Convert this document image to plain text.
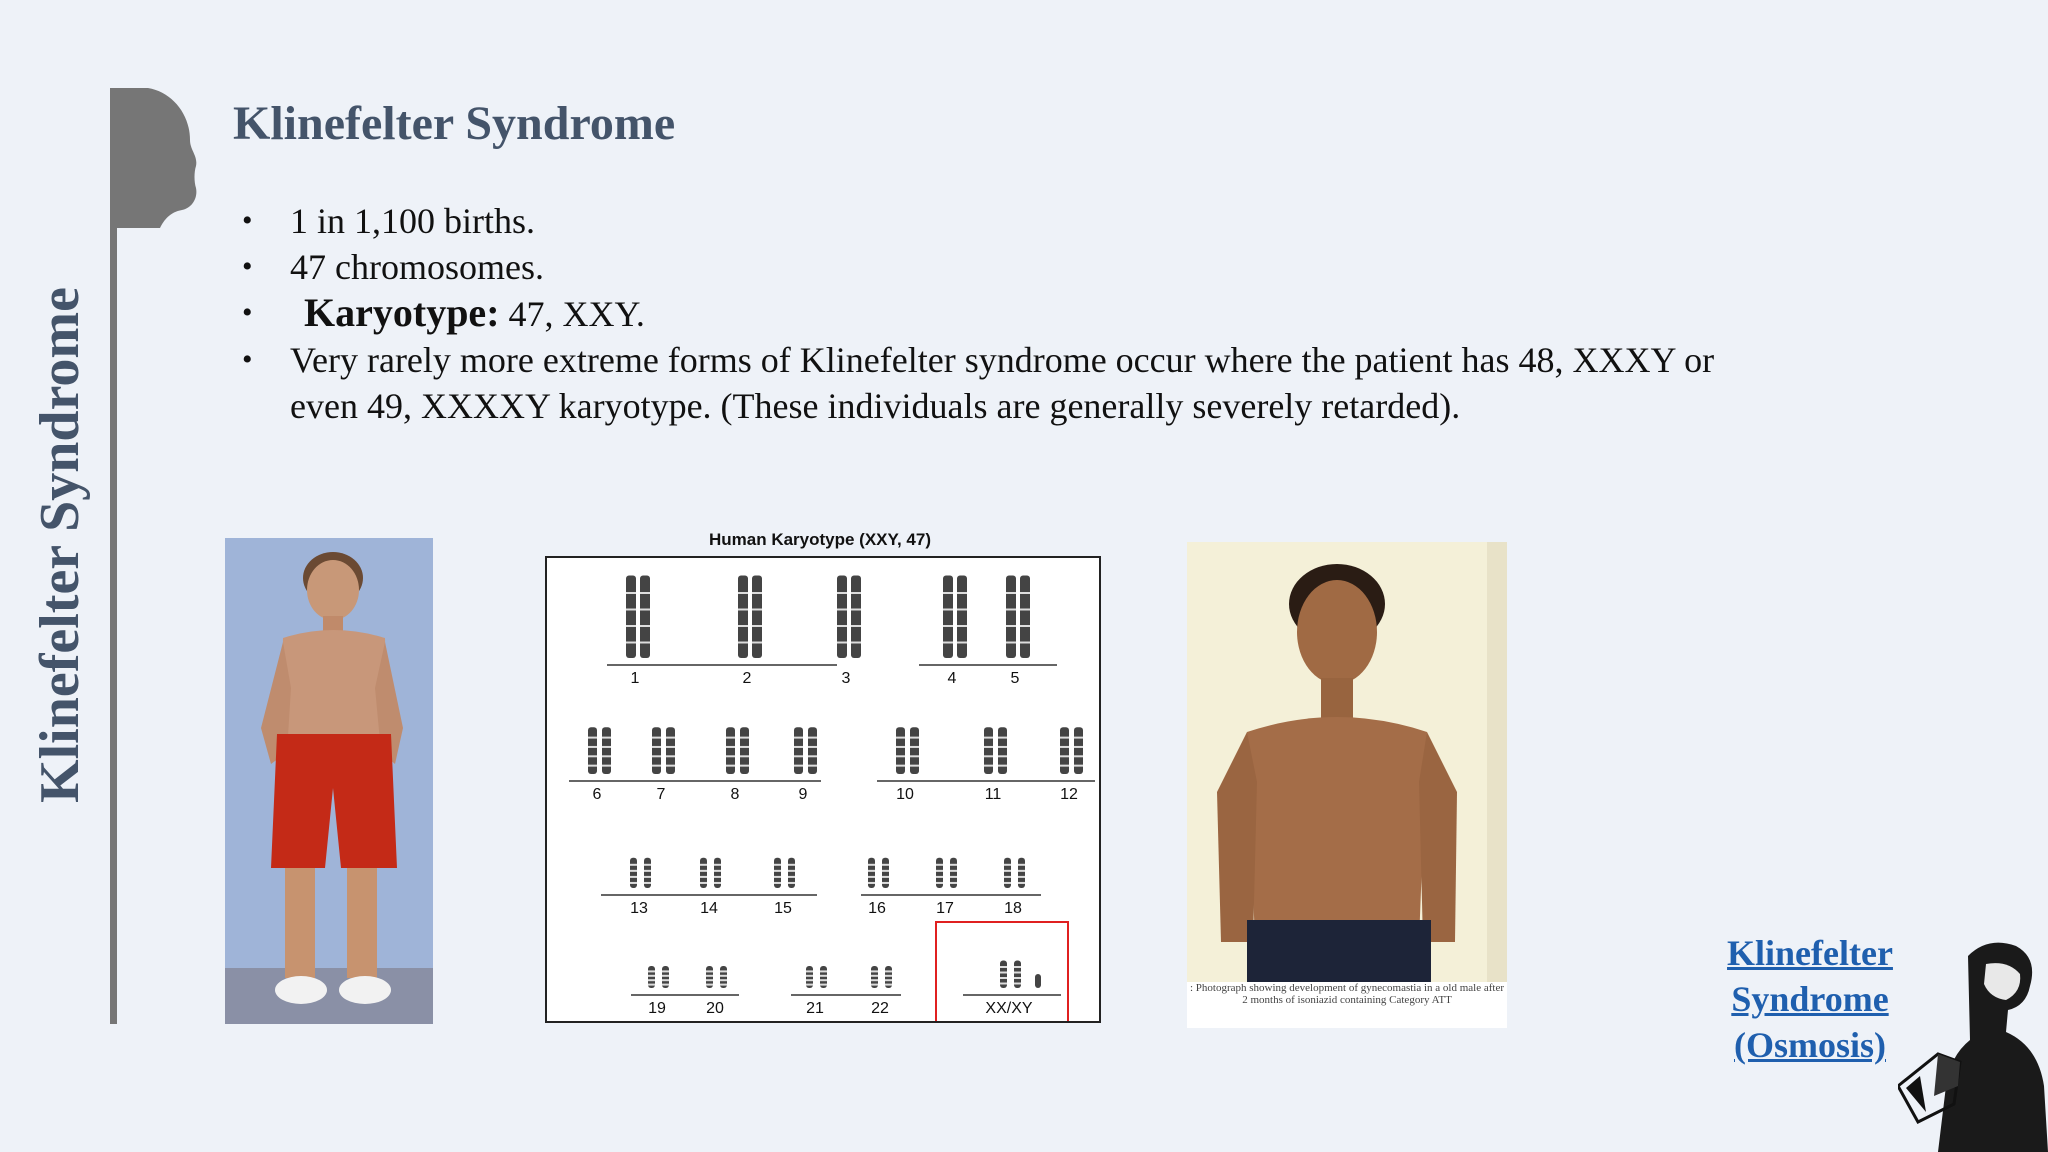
Klinefelter Syndrome
Klinefelter Syndrome
• 1 in 1,100 births.
• 47 chromosomes.
• Karyotype: 47, XXY.
• Very rarely more extreme forms of Klinefelter syndrome occur where the patient has 48, XXXY or even 49, XXXXY karyotype. (These individuals are generally severely retarded).
Human Karyotype (XXY, 47)
1	2	3	4	5
6	7	8	9	10	11	12
13	14	15	16	17	18
19	20	21	22	XX/XY
: Photograph showing development of gynecomastia in a old male after 2 months of isoniazid containing Category ATT
Klinefelter
Syndrome
(Osmosis)
